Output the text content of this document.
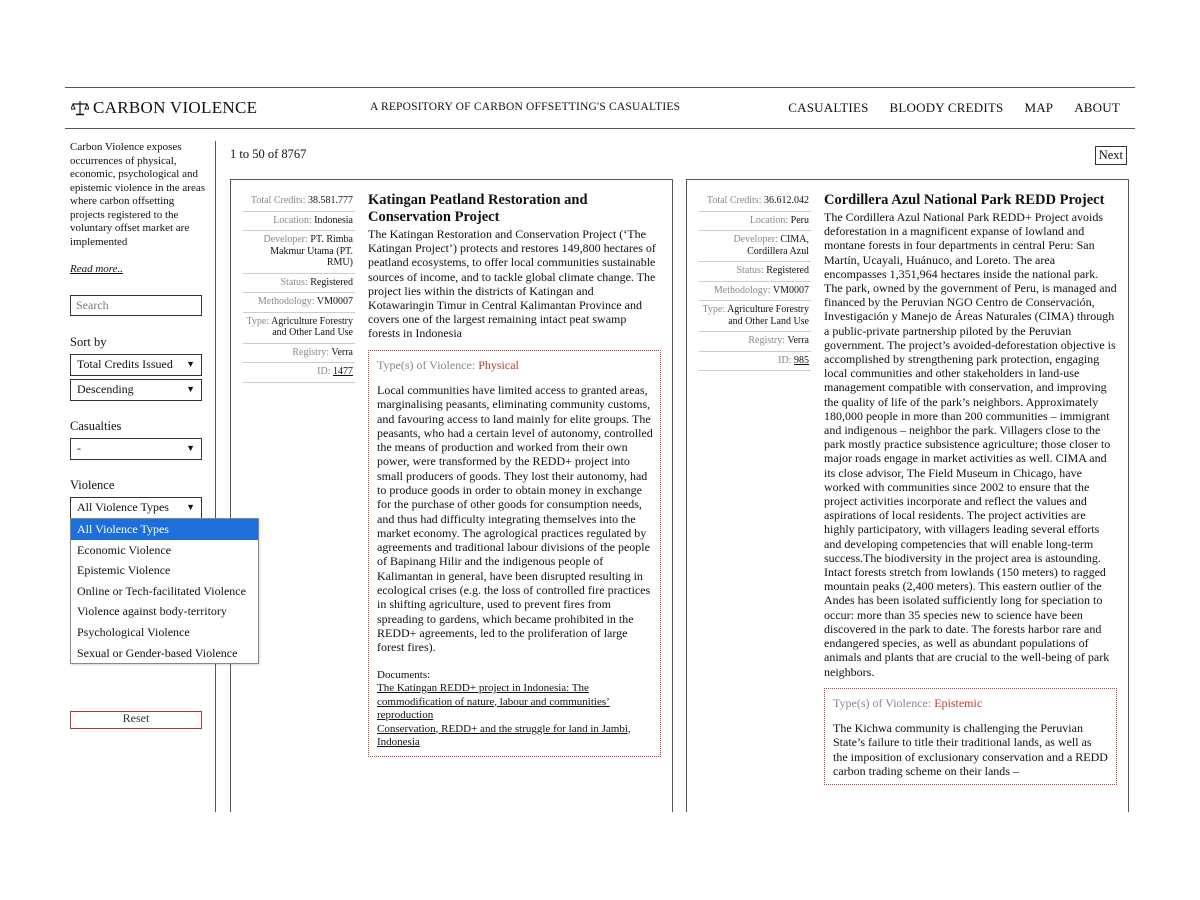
CARBON VIOLENCE	A REPOSITORY OF CARBON OFFSETTING'S CASUALTIES	CASUALTIES BLOODY CREDITS MAP ABOUT

Carbon Violence exposes occurrences of physical, economic, psychological and epistemic violence in the areas where carbon offsetting projects registered to the voluntary offset market are implemented

Read more..
Search
Sort by
Total Credits Issued ▼
Descending	▼
Casualties
-	▼
Violence
All Violence Types ▼
Reset
All Violence Types
Economic Violence
Epistemic Violence
Online or Tech-facilitated Violence
Violence against body-territory
Psychological Violence
Sexual or Gender-based Violence
1 to 50 of 8767	Next
Total Credits: 38.581.777
Location: Indonesia
Developer: PT. Rimba Makmur Utama (PT. RMU)
Status: Registered
Methodology: VM0007
Type: Agriculture Forestry and Other Land Use
Registry: Verra
ID: 1477
Katingan Peatland Restoration and Conservation Project

The Katingan Restoration and Conservation Project (‘The Katingan Project’) protects and restores 149,800 hectares of peatland ecosystems, to offer local communities sustainable sources of income, and to tackle global climate change. The project lies within the districts of Katingan and Kotawaringin Timur in Central Kalimantan Province and covers one of the largest remaining intact peat swamp forests in Indonesia

Type(s) of Violence: Physical

Local communities have limited access to granted areas, marginalising peasants, eliminating community customs, and favouring access to land mainly for elite groups. The peasants, who had a certain level of autonomy, controlled the means of production and worked from their own power, were transformed by the REDD+ project into small producers of goods. They lost their autonomy, had to produce goods in order to obtain money in exchange for the purchase of other goods for consumption needs, and thus had difficulty integrating themselves into the market economy. The agrological practices regulated by agreements and traditional labour divisions of the people of Bapinang Hilir and the indigenous people of Kalimantan in general, have been disrupted resulting in ecological crises (e.g. the loss of controlled fire practices in shifting agriculture, used to prevent fires from spreading to gardens, which became prohibited in the REDD+ agreements, led to the proliferation of large forest fires).

Documents:
The Katingan REDD+ project in Indonesia: The commodification of nature, labour and communities’ reproduction
Conservation, REDD+ and the struggle for land in Jambi, Indonesia
Total Credits: 36.612.042
Location: Peru
Developer: CIMA, Cordillera Azul
Status: Registered
Methodology: VM0007
Type: Agriculture Forestry and Other Land Use
Registry: Verra
ID: 985
Cordillera Azul National Park REDD Project

The Cordillera Azul National Park REDD+ Project avoids deforestation in a magnificent expanse of lowland and montane forests in four departments in central Peru: San Martín, Ucayali, Huánuco, and Loreto. The area encompasses 1,351,964 hectares inside the national park. The park, owned by the government of Peru, is managed and financed by the Peruvian NGO Centro de Conservación, Investigación y Manejo de Áreas Naturales (CIMA) through a public-private partnership piloted by the Peruvian government. The project’s avoided-deforestation objective is accomplished by strengthening park protection, engaging local communities and other stakeholders in land-use management compatible with conservation, and improving the quality of life of the park’s neighbors. Approximately 180,000 people in more than 200 communities – immigrant and indigenous – neighbor the park. Villagers close to the park mostly practice subsistence agriculture; those closer to major roads engage in market activities as well. CIMA and its close advisor, The Field Museum in Chicago, have worked with communities since 2002 to ensure that the project activities incorporate and reflect the values and aspirations of local residents. The project activities are highly participatory, with villagers leading several efforts and developing competencies that will enable long-term success.The biodiversity in the project area is astounding. Intact forests stretch from lowlands (150 meters) to ragged mountain peaks (2,400 meters). This eastern outlier of the Andes has been isolated sufficiently long for speciation to occur: more than 35 species new to science have been discovered in the park to date. The forests harbor rare and endangered species, as well as abundant populations of animals and plants that are crucial to the well-being of park neighbors.

Type(s) of Violence: Epistemic

The Kichwa community is challenging the Peruvian State’s failure to title their traditional lands, as well as the imposition of exclusionary conservation and a REDD carbon trading scheme on their lands –
